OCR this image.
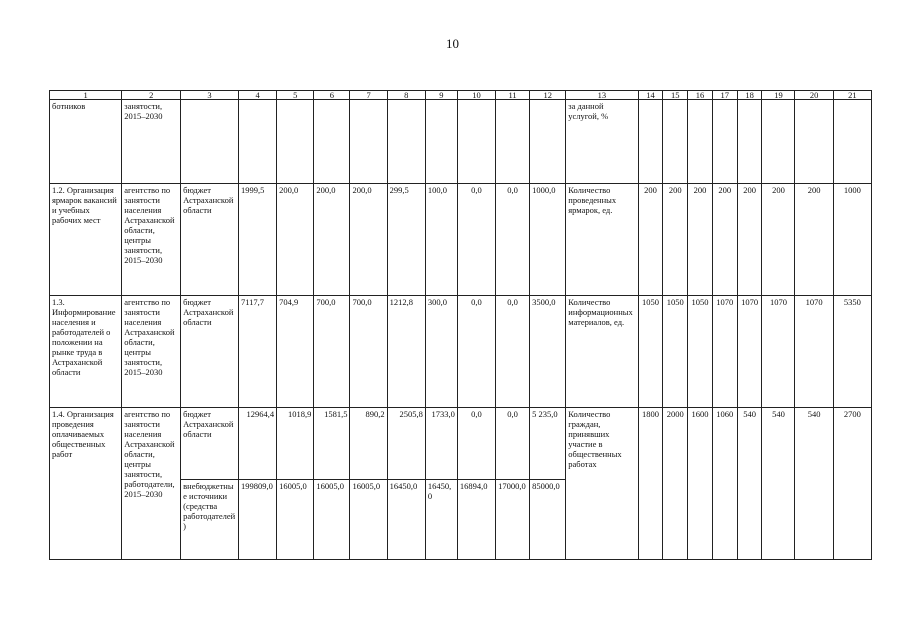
10
1	2	3	4	5	6	7	8	9	10	11	12	13	14	15	16	17	18	19	20	21
ботников	занятости, 2015–2030											за данной услугой, %								
1.2. Организация ярмарок вакансий и учебных рабочих мест	агентство по занятости населения Астраханской области, центры занятости, 2015–2030	бюджет Астраханской области	1999,5	200,0	200,0	200,0	299,5	100,0	0,0	0,0	1000,0	Количество проведенных ярмарок, ед.	200	200	200	200	200	200	200	1000
1.3. Информирование населения и работодателей о положении на рынке труда в Астраханской области	агентство по занятости населения Астраханской области, центры занятости, 2015–2030	бюджет Астраханской области	7117,7	704,9	700,0	700,0	1212,8	300,0	0,0	0,0	3500,0	Количество информационных материалов, ед.	1050	1050	1050	1070	1070	1070	1070	5350
1.4. Организация проведения оплачиваемых общественных работ	агентство по занятости населения Астраханской области, центры занятости, работодатели, 2015–2030	бюджет Астраханской области	12964,4	1018,9	1581,5	890,2	2505,8	1733,0	0,0	0,0	5 235,0	Количество граждан, принявших участие в общественных работах	1800	2000	1600	1060	540	540	540	2700
		внебюджетные источники (средства работодателей)	199809,0	16005,0	16005,0	16005,0	16450,0	16450,0	16894,0	17000,0	85000,0									
